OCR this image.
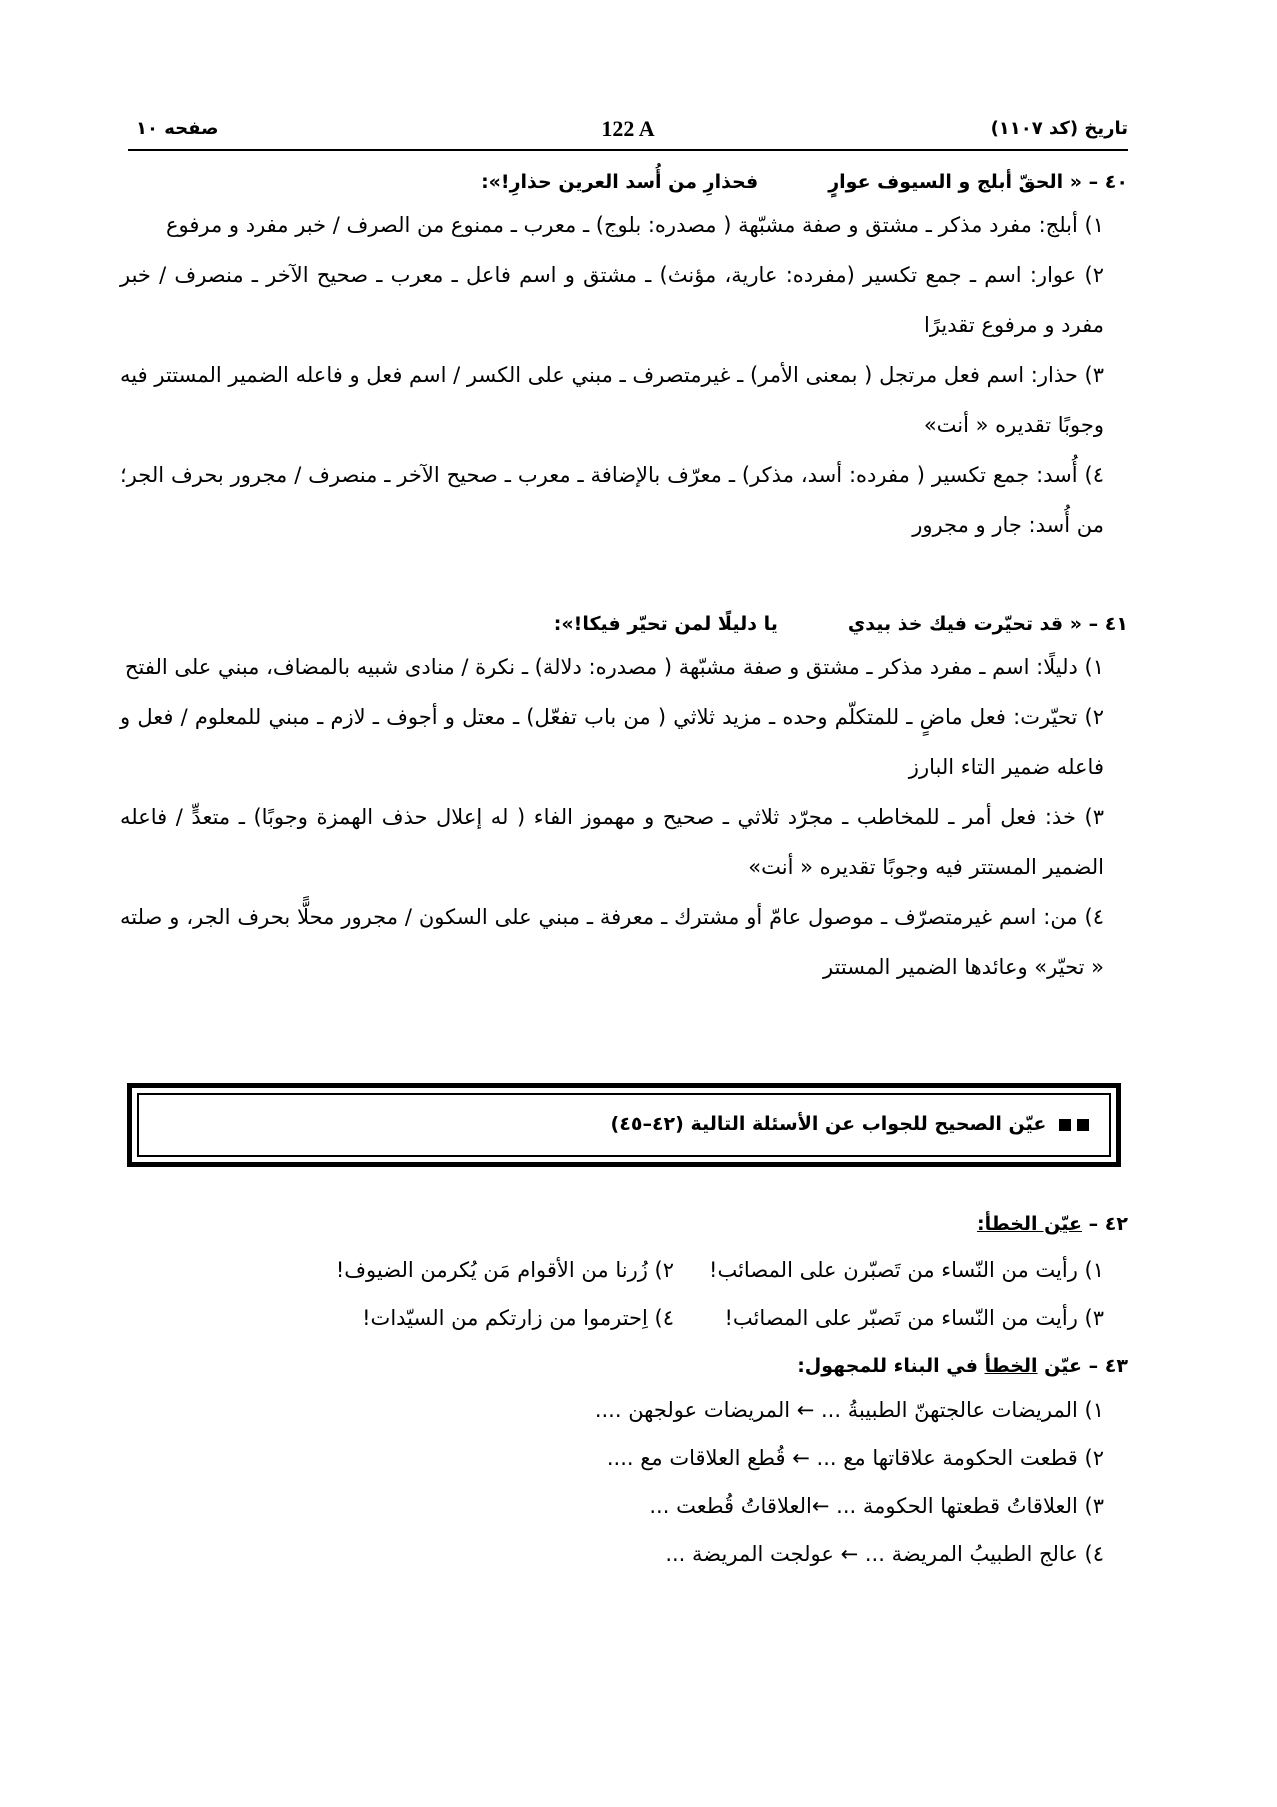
تاریخ (کد ۱۱۰۷)
122 A
صفحه ۱۰
٤٠ –
« الحقّ أبلج و السيوف عوارٍ
فحذارِ من أُسد العرين حذارِ!»:
١) أبلج: مفرد مذكر ـ مشتق و صفة مشبّهة ( مصدره: بلوج) ـ معرب ـ ممنوع من الصرف / خبر مفرد و مرفوع
٢) عوار: اسم ـ جمع تكسير (مفرده: عارية، مؤنث) ـ مشتق و اسم فاعل ـ معرب ـ صحيح الآخر ـ منصرف / خبر مفرد و مرفوع تقديرًا
٣) حذار: اسم فعل مرتجل ( بمعنى الأمر) ـ غيرمتصرف ـ مبني على الكسر / اسم فعل و فاعله الضمير المستتر فيه وجوبًا تقديره « أنت»
٤) أُسد: جمع تكسير ( مفرده: أسد، مذكر) ـ معرّف بالإضافة ـ معرب ـ صحيح الآخر ـ منصرف / مجرور بحرف الجر؛ من أُسد: جار و مجرور
٤١ –
« قد تحيّرت فيك خذ بيدي
يا دليلًا لمن تحيّر فيكا!»:
١) دليلًا: اسم ـ مفرد مذكر ـ مشتق و صفة مشبّهة ( مصدره: دلالة) ـ نكرة / منادى شبيه بالمضاف، مبني على الفتح
٢) تحيّرت: فعل ماضٍ ـ للمتكلّم وحده ـ مزيد ثلاثي ( من باب تفعّل) ـ معتل و أجوف ـ لازم ـ مبني للمعلوم / فعل و فاعله ضمير التاء البارز
٣) خذ: فعل أمر ـ للمخاطب ـ مجرّد ثلاثي ـ صحيح و مهموز الفاء ( له إعلال حذف الهمزة وجوبًا) ـ متعدٍّ / فاعله الضمير المستتر فيه وجوبًا تقديره « أنت»
٤) من: اسم غيرمتصرّف ـ موصول عامّ أو مشترك ـ معرفة ـ مبني على السكون / مجرور محلًّا بحرف الجر، و صلته « تحيّر» وعائدها الضمير المستتر
عيّن الصحيح للجواب عن الأسئلة التالية (٤٢–٤٥)
٤٢ –
عيّن الخطأ:
١) رأيت من النّساء من تَصبّرن على المصائب!
٢) زُرنا من الأقوام مَن يُكرمن الضيوف!
٣) رأيت من النّساء من تَصبّر على المصائب!
٤) اِحترموا من زارتكم من السيّدات!
٤٣ –
عيّن الخطأ في البناء للمجهول:
١) المريضات عالجتهنّ الطبيبةُ ... ← المريضات عولجهن ....
٢) قطعت الحكومة علاقاتها مع ... ← قُطع العلاقات مع ....
٣) العلاقاتُ قطعتها الحكومة ... ←العلاقاتُ قُطعت ...
٤) عالج الطبيبُ المريضة ... ← عولجت المريضة ...
